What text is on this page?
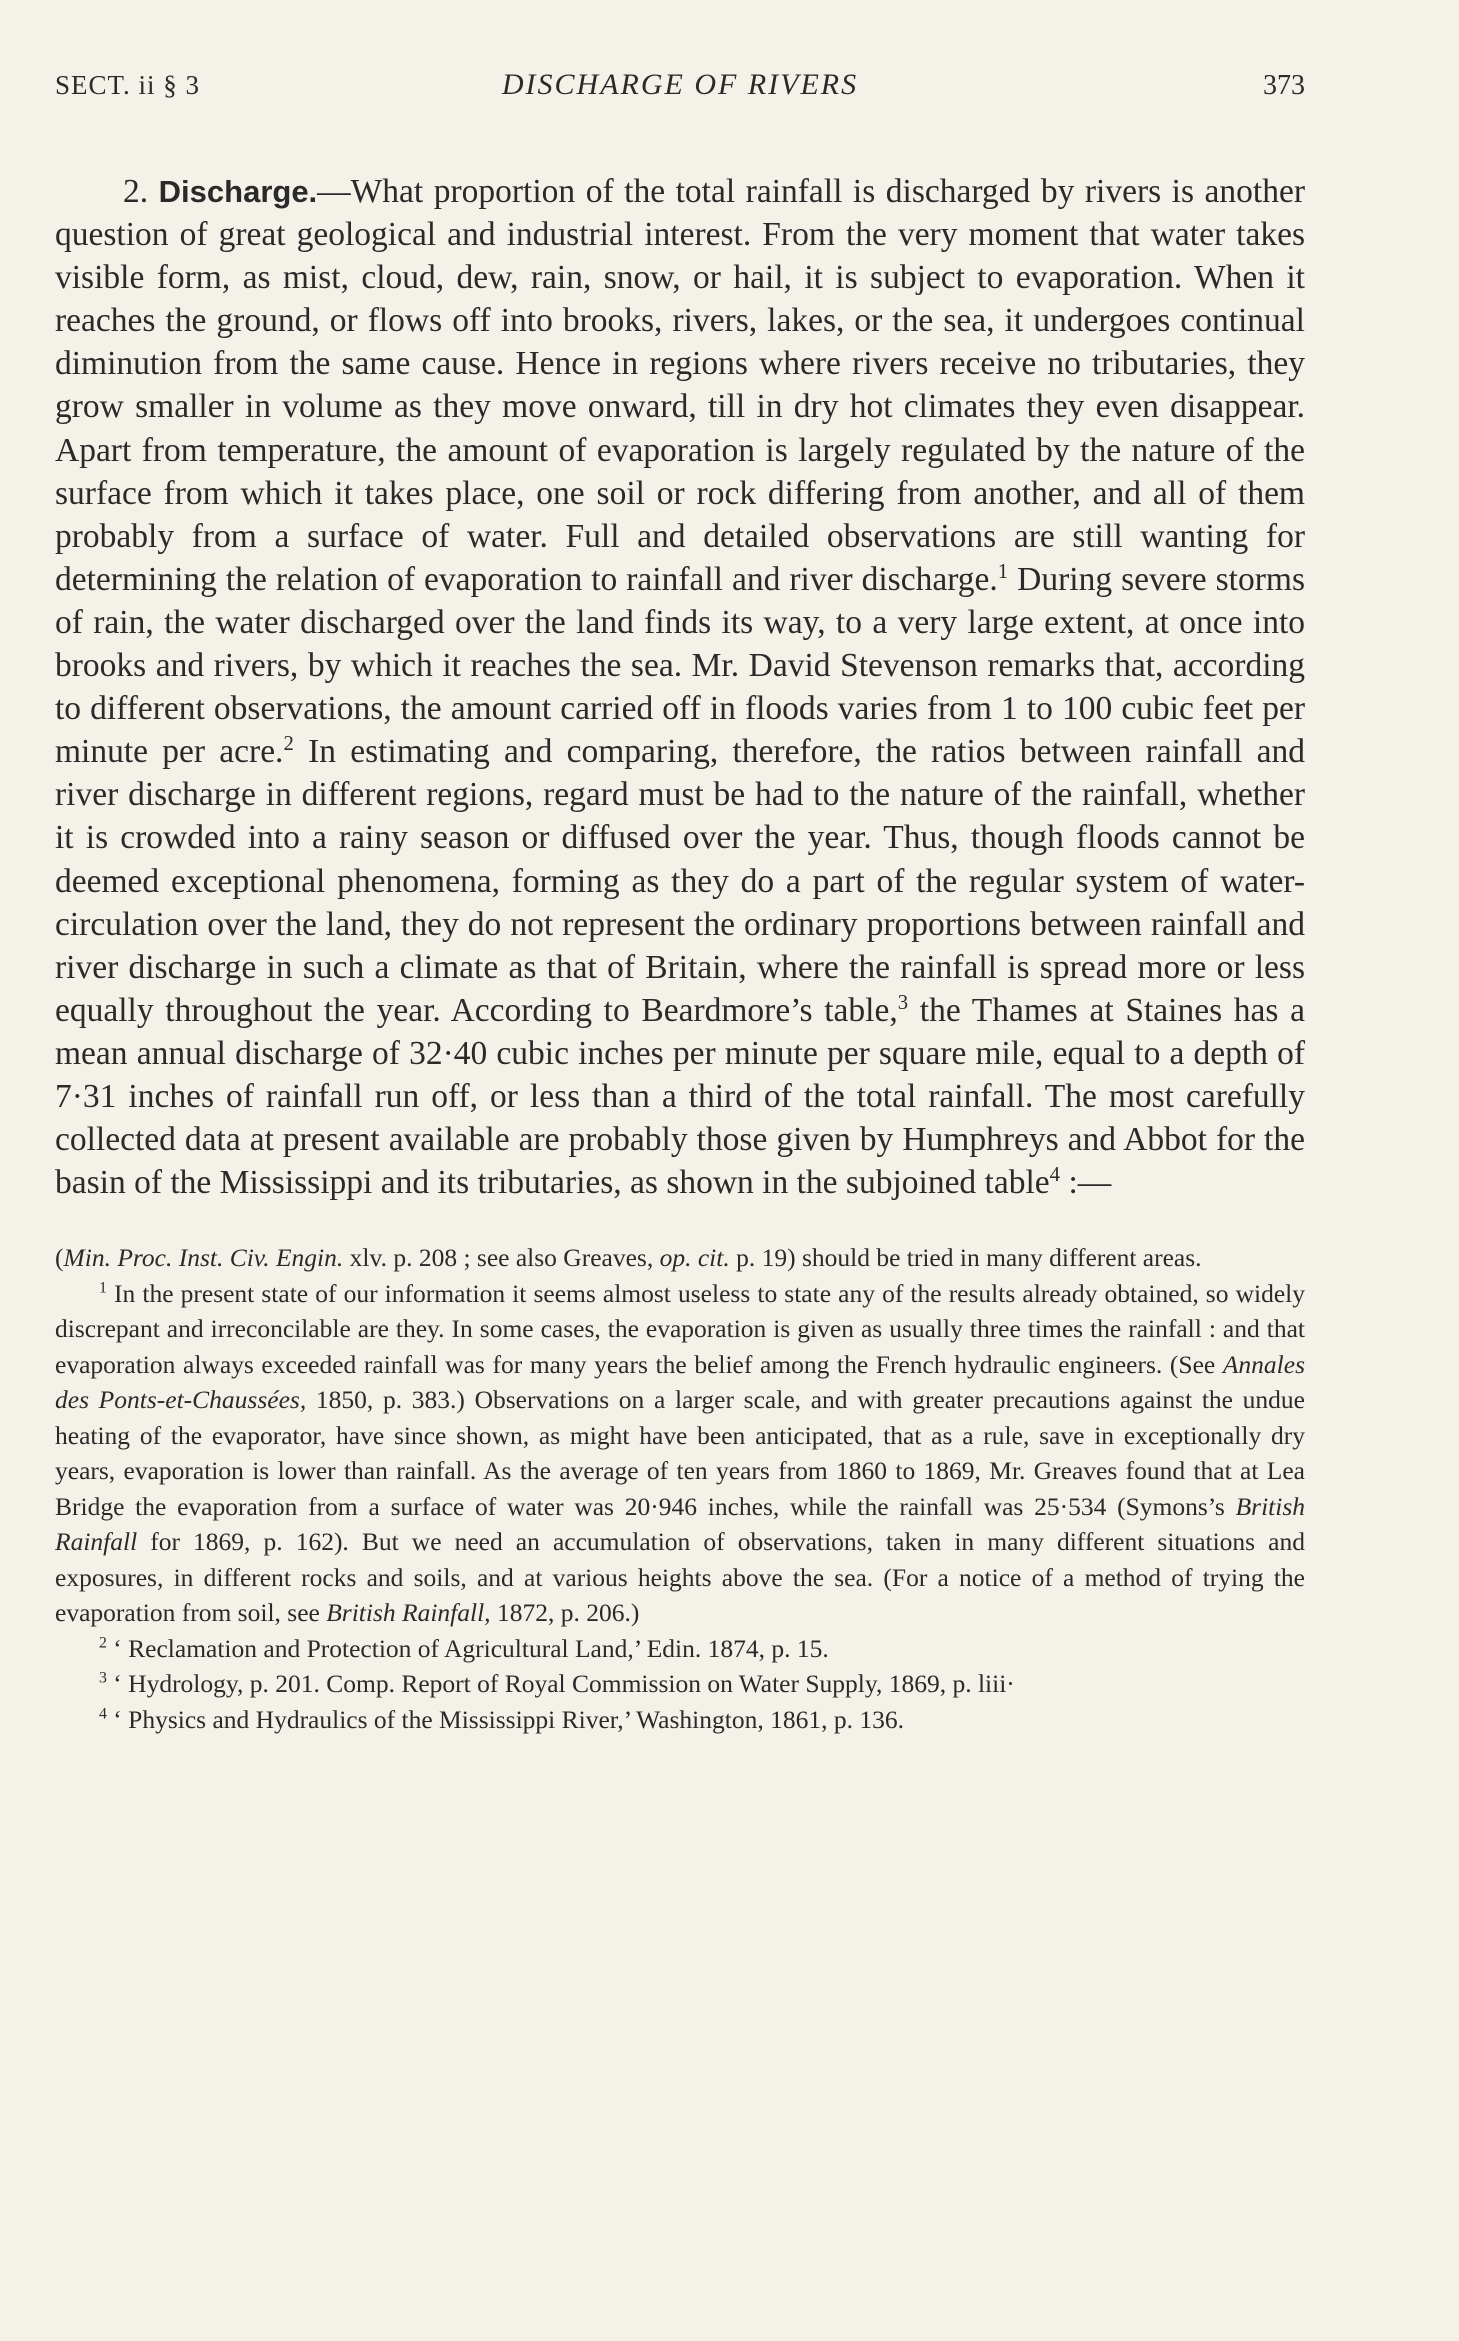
SECT. ii § 3	DISCHARGE OF RIVERS	373

2. Discharge.—What proportion of the total rainfall is discharged by rivers is another question of great geological and industrial interest. From the very moment that water takes visible form, as mist, cloud, dew, rain, snow, or hail, it is subject to evaporation. When it reaches the ground, or flows off into brooks, rivers, lakes, or the sea, it undergoes continual diminution from the same cause. Hence in regions where rivers receive no tributaries, they grow smaller in volume as they move onward, till in dry hot climates they even disappear. Apart from temperature, the amount of evaporation is largely regulated by the nature of the surface from which it takes place, one soil or rock differing from another, and all of them probably from a surface of water. Full and detailed observations are still wanting for determining the relation of evaporation to rainfall and river discharge.$^1$ During severe storms of rain, the water discharged over the land finds its way, to a very large extent, at once into brooks and rivers, by which it reaches the sea. Mr. David Stevenson remarks that, according to different observations, the amount carried off in floods varies from 1 to 100 cubic feet per minute per acre.$^2$ In estimating and comparing, therefore, the ratios between rainfall and river discharge in different regions, regard must be had to the nature of the rainfall, whether it is crowded into a rainy season or diffused over the year. Thus, though floods cannot be deemed exceptional phenomena, forming as they do a part of the regular system of water-circulation over the land, they do not represent the ordinary proportions between rainfall and river discharge in such a climate as that of Britain, where the rainfall is spread more or less equally throughout the year. According to Beardmore’s table,$^3$ the Thames at Staines has a mean annual discharge of 32·40 cubic inches per minute per square mile, equal to a depth of 7·31 inches of rainfall run off, or less than a third of the total rainfall. The most carefully collected data at present available are probably those given by Humphreys and Abbot for the basin of the Mississippi and its tributaries, as shown in the subjoined table$^4$ :—

(Min. Proc. Inst. Civ. Engin. xlv. p. 208 ; see also Greaves, op. cit. p. 19) should be tried in many different areas.

$^1$ In the present state of our information it seems almost useless to state any of the results already obtained, so widely discrepant and irreconcilable are they. In some cases, the evaporation is given as usually three times the rainfall : and that evaporation always exceeded rainfall was for many years the belief among the French hydraulic engineers. (See Annales des Ponts-et-Chaussées, 1850, p. 383.) Observations on a larger scale, and with greater precautions against the undue heating of the evaporator, have since shown, as might have been anticipated, that as a rule, save in exceptionally dry years, evaporation is lower than rainfall. As the average of ten years from 1860 to 1869, Mr. Greaves found that at Lea Bridge the evaporation from a surface of water was 20·946 inches, while the rainfall was 25·534 (Symons’s British Rainfall for 1869, p. 162). But we need an accumulation of observations, taken in many different situations and exposures, in different rocks and soils, and at various heights above the sea. (For a notice of a method of trying the evaporation from soil, see British Rainfall, 1872, p. 206.)

$^2$ ‘ Reclamation and Protection of Agricultural Land,’ Edin. 1874, p. 15.

$^3$ ‘ Hydrology, p. 201. Comp. Report of Royal Commission on Water Supply, 1869, p. liii·

$^4$ ‘ Physics and Hydraulics of the Mississippi River,’ Washington, 1861, p. 136.
